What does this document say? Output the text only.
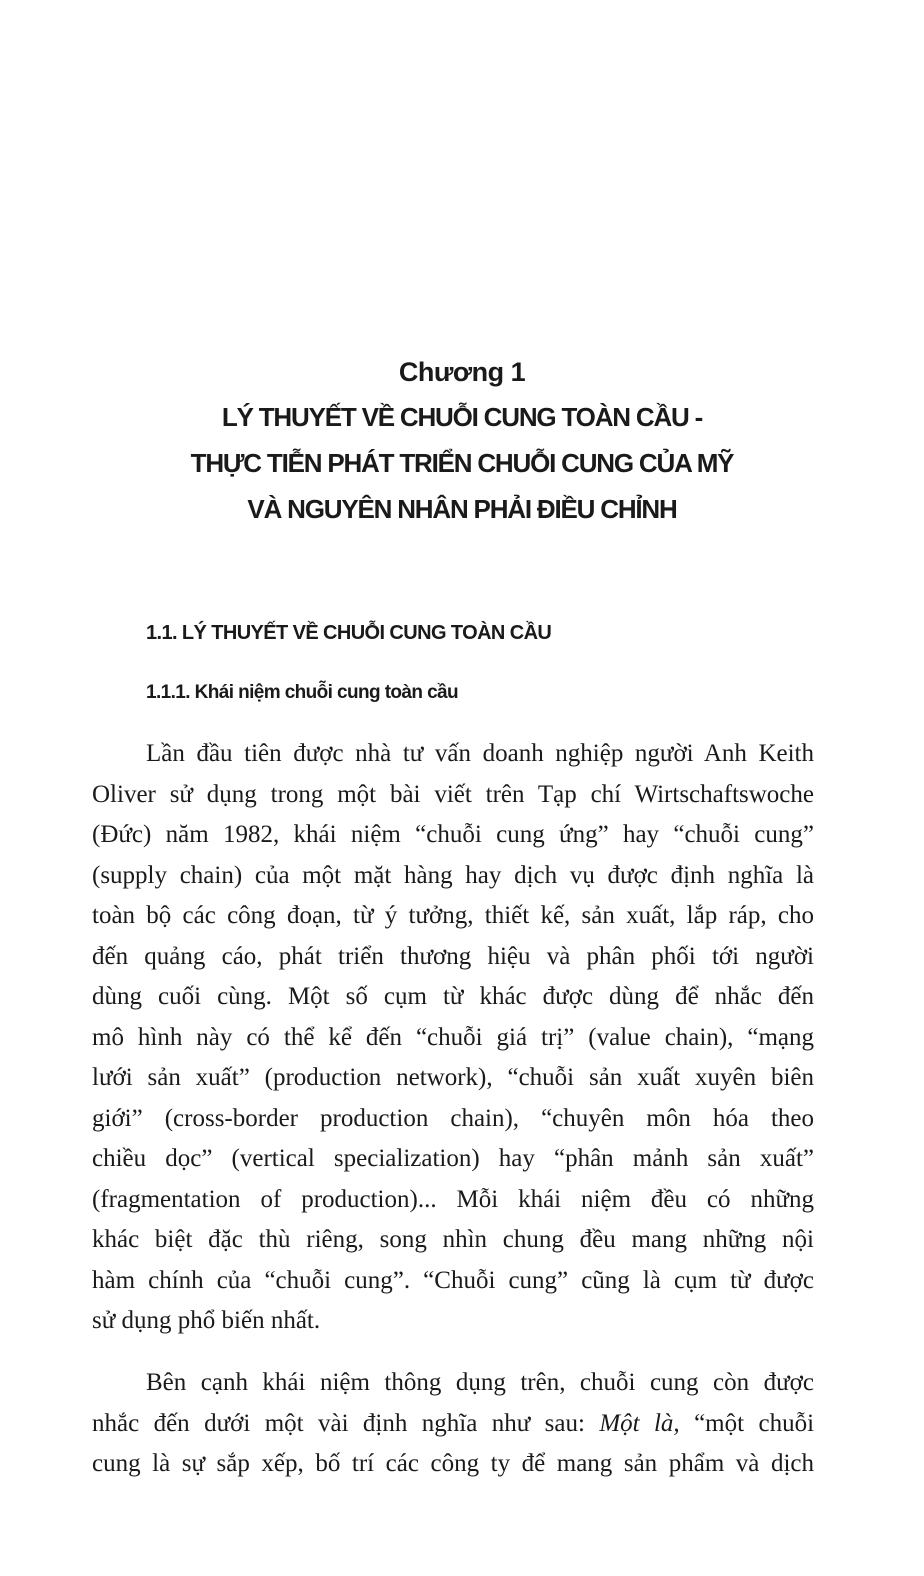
Chương 1
LÝ THUYẾT VỀ CHUỖI CUNG TOÀN CẦU -
THỰC TIỄN PHÁT TRIỂN CHUỖI CUNG CỦA MỸ
VÀ NGUYÊN NHÂN PHẢI ĐIỀU CHỈNH
1.1. LÝ THUYẾT VỀ CHUỖI CUNG TOÀN CẦU
1.1.1. Khái niệm chuỗi cung toàn cầu
Lần đầu tiên được nhà tư vấn doanh nghiệp người Anh Keith
Oliver sử dụng trong một bài viết trên Tạp chí Wirtschaftswoche
(Đức) năm 1982, khái niệm “chuỗi cung ứng” hay “chuỗi cung”
(supply chain) của một mặt hàng hay dịch vụ được định nghĩa là
toàn bộ các công đoạn, từ ý tưởng, thiết kế, sản xuất, lắp ráp, cho
đến quảng cáo, phát triển thương hiệu và phân phối tới người
dùng cuối cùng. Một số cụm từ khác được dùng để nhắc đến
mô hình này có thể kể đến “chuỗi giá trị” (value chain), “mạng
lưới sản xuất” (production network), “chuỗi sản xuất xuyên biên
giới” (cross-border production chain), “chuyên môn hóa theo
chiều dọc” (vertical specialization) hay “phân mảnh sản xuất”
(fragmentation of production)... Mỗi khái niệm đều có những
khác biệt đặc thù riêng, song nhìn chung đều mang những nội
hàm chính của “chuỗi cung”. “Chuỗi cung” cũng là cụm từ được
sử dụng phổ biến nhất.
Bên cạnh khái niệm thông dụng trên, chuỗi cung còn được
nhắc đến dưới một vài định nghĩa như sau: Một là, “một chuỗi
cung là sự sắp xếp, bố trí các công ty để mang sản phẩm và dịch
